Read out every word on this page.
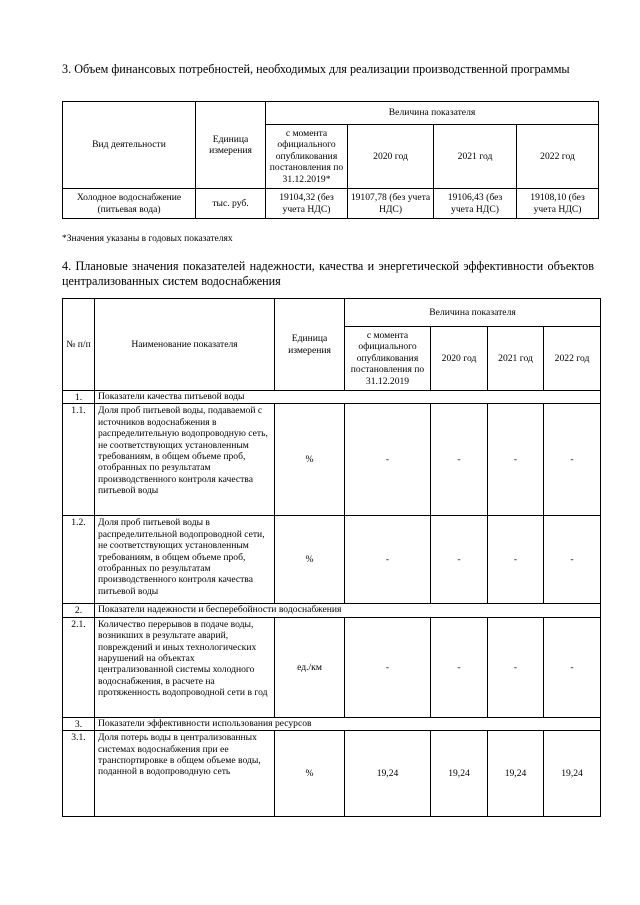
3. Объем финансовых потребностей, необходимых для реализации производственной программы
Вид деятельности	Единица измерения	Величина показателя			
		с момента официального опубликования постановления по 31.12.2019*	2020 год	2021 год	2022 год
Холодное водоснабжение (питьевая вода)	тыс. руб.	19104,32 (без учета НДС)	19107,78 (без учета НДС)	19106,43 (без учета НДС)	19108,10 (без учета НДС)
*Значения указаны в годовых показателях
4. Плановые значения показателей надежности, качества и энергетической эффективности объектов централизованных систем водоснабжения
№ п/п	Наименование показателя	Единица измерения	Величина показателя			
			с момента официального опубликования постановления по 31.12.2019	2020 год	2021 год	2022 год
1.	Показатели качества питьевой воды					
1.1.	Доля проб питьевой воды, подаваемой с источников водоснабжения в распределительную водопроводную сеть, не соответствующих установленным требованиям, в общем объеме проб, отобранных по результатам производственного контроля качества питьевой воды	%	-	-	-	-
1.2.	Доля проб питьевой воды в распределительной водопроводной сети, не соответствующих установленным требованиям, в общем объеме проб, отобранных по результатам производственного контроля качества питьевой воды	%	-	-	-	-
2.	Показатели надежности и бесперебойности водоснабжения					
2.1.	Количество перерывов в подаче воды, возникших в результате аварий, повреждений и иных технологических нарушений на объектах централизованной системы холодного водоснабжения, в расчете на протяженность водопроводной сети в год	ед./км	-	-	-	-
3.	Показатели эффективности использования ресурсов					
3.1.	Доля потерь воды в централизованных системах водоснабжения при ее транспортировке в общем объеме воды, поданной в водопроводную сеть	%	19,24	19,24	19,24	19,24
